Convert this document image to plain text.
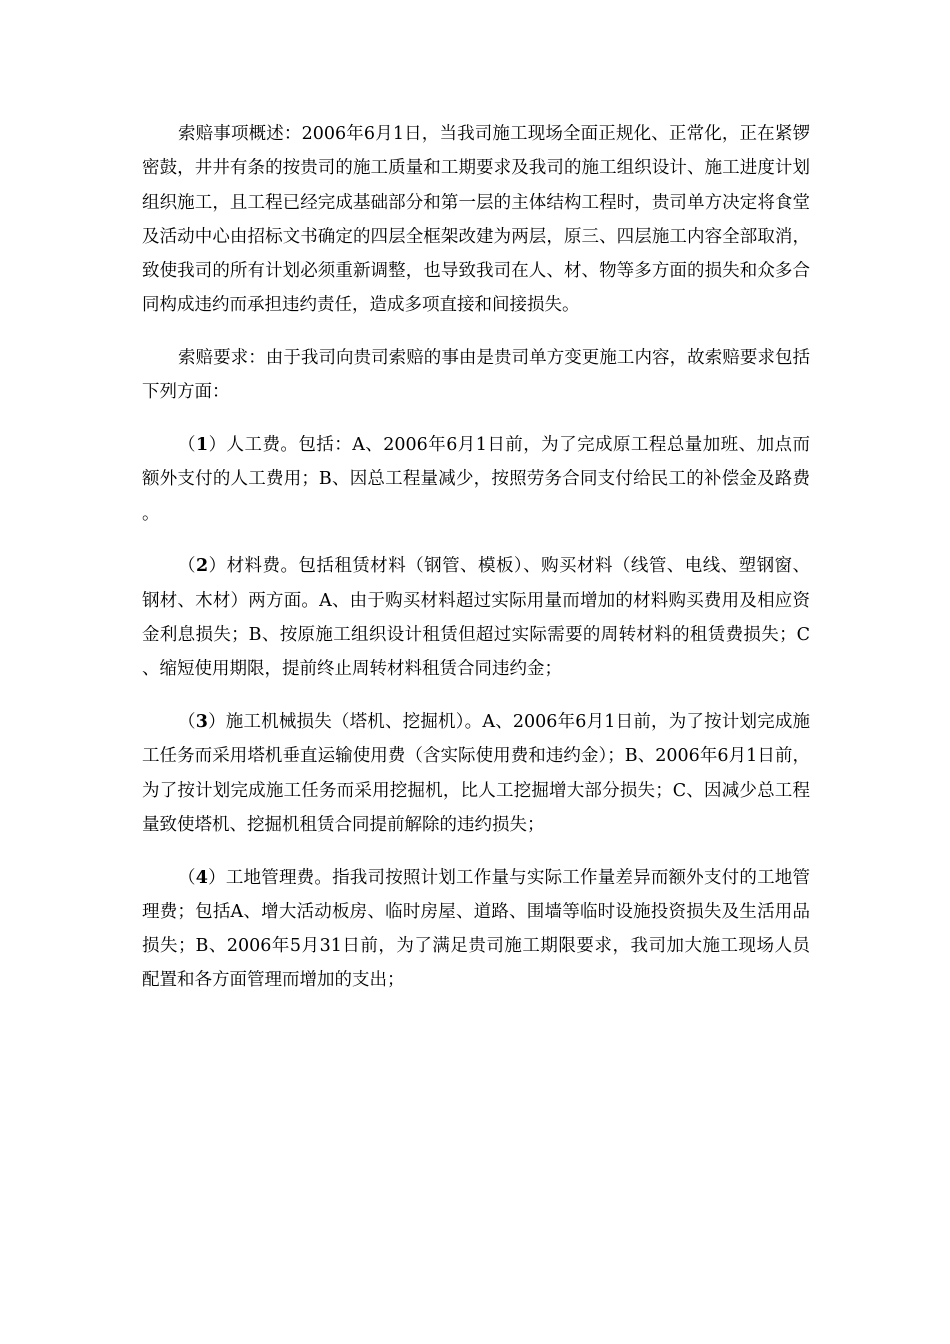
索赔事项概述：2006年6月1日，当我司施工现场全面正规化、正常化，正在紧锣密鼓，井井有条的按贵司的施工质量和工期要求及我司的施工组织设计、施工进度计划组织施工，且工程已经完成基础部分和第一层的主体结构工程时，贵司单方决定将食堂及活动中心由招标文书确定的四层全框架改建为两层，原三、四层施工内容全部取消，致使我司的所有计划必须重新调整，也导致我司在人、材、物等多方面的损失和众多合同构成违约而承担违约责任，造成多项直接和间接损失。

索赔要求：由于我司向贵司索赔的事由是贵司单方变更施工内容，故索赔要求包括下列方面：

（1）人工费。包括：A、2006年6月1日前，为了完成原工程总量加班、加点而额外支付的人工费用；B、因总工程量减少，按照劳务合同支付给民工的补偿金及路费。

（2）材料费。包括租赁材料（钢管、模板）、购买材料（线管、电线、塑钢窗、钢材、木材）两方面。A、由于购买材料超过实际用量而增加的材料购买费用及相应资金利息损失；B、按原施工组织设计租赁但超过实际需要的周转材料的租赁费损失；C、缩短使用期限，提前终止周转材料租赁合同违约金；

（3）施工机械损失（塔机、挖掘机）。A、2006年6月1日前，为了按计划完成施工任务而采用塔机垂直运输使用费（含实际使用费和违约金）；B、2006年6月1日前，为了按计划完成施工任务而采用挖掘机，比人工挖掘增大部分损失；C、因减少总工程量致使塔机、挖掘机租赁合同提前解除的违约损失；

（4）工地管理费。指我司按照计划工作量与实际工作量差异而额外支付的工地管理费；包括A、增大活动板房、临时房屋、道路、围墙等临时设施投资损失及生活用品损失；B、2006年5月31日前，为了满足贵司施工期限要求，我司加大施工现场人员配置和各方面管理而增加的支出；
